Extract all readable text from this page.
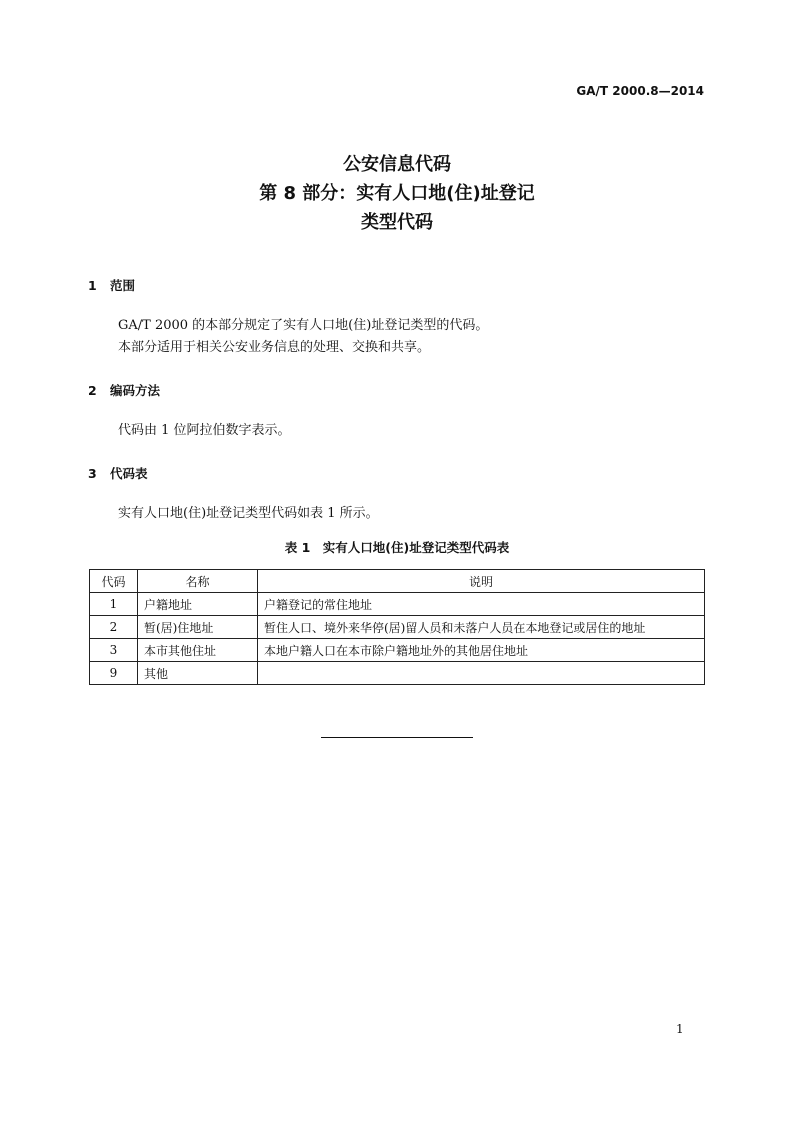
GA/T 2000.8—2014
公安信息代码
第 8 部分：实有人口地(住)址登记
类型代码
1 范围
GA/T 2000 的本部分规定了实有人口地(住)址登记类型的代码。
本部分适用于相关公安业务信息的处理、交换和共享。
2 编码方法
代码由 1 位阿拉伯数字表示。
3 代码表
实有人口地(住)址登记类型代码如表 1 所示。
表 1　实有人口地(住)址登记类型代码表
代码	名称	说明
1	户籍地址	户籍登记的常住地址
2	暂(居)住地址	暂住人口、境外来华停(居)留人员和未落户人员在本地登记或居住的地址
3	本市其他住址	本地户籍人口在本市除户籍地址外的其他居住地址
9	其他	
1
